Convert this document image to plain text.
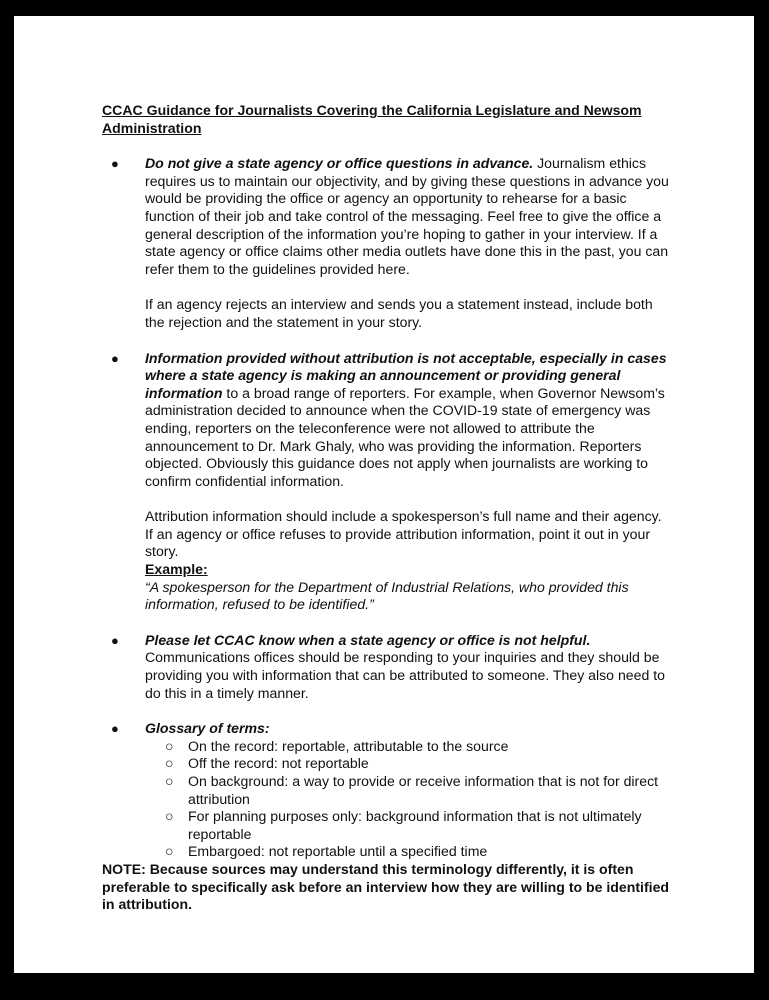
CCAC Guidance for Journalists Covering the California Legislature and Newsom Administration
● Do not give a state agency or office questions in advance. Journalism ethics requires us to maintain our objectivity, and by giving these questions in advance you would be providing the office or agency an opportunity to rehearse for a basic function of their job and take control of the messaging. Feel free to give the office a general description of the information you’re hoping to gather in your interview. If a state agency or office claims other media outlets have done this in the past, you can refer them to the guidelines provided here.
If an agency rejects an interview and sends you a statement instead, include both the rejection and the statement in your story.
● Information provided without attribution is not acceptable, especially in cases where a state agency is making an announcement or providing general information to a broad range of reporters. For example, when Governor Newsom’s administration decided to announce when the COVID-19 state of emergency was ending, reporters on the teleconference were not allowed to attribute the announcement to Dr. Mark Ghaly, who was providing the information. Reporters objected. Obviously this guidance does not apply when journalists are working to confirm confidential information.
Attribution information should include a spokesperson’s full name and their agency.
If an agency or office refuses to provide attribution information, point it out in your story.
Example:
“A spokesperson for the Department of Industrial Relations, who provided this information, refused to be identified.”
● Please let CCAC know when a state agency or office is not helpful.
Communications offices should be responding to your inquiries and they should be providing you with information that can be attributed to someone. They also need to do this in a timely manner.
● Glossary of terms:
○ On the record: reportable, attributable to the source
○ Off the record: not reportable
○ On background: a way to provide or receive information that is not for direct attribution
○ For planning purposes only: background information that is not ultimately reportable
○ Embargoed: not reportable until a specified time
NOTE: Because sources may understand this terminology differently, it is often preferable to specifically ask before an interview how they are willing to be identified in attribution.
